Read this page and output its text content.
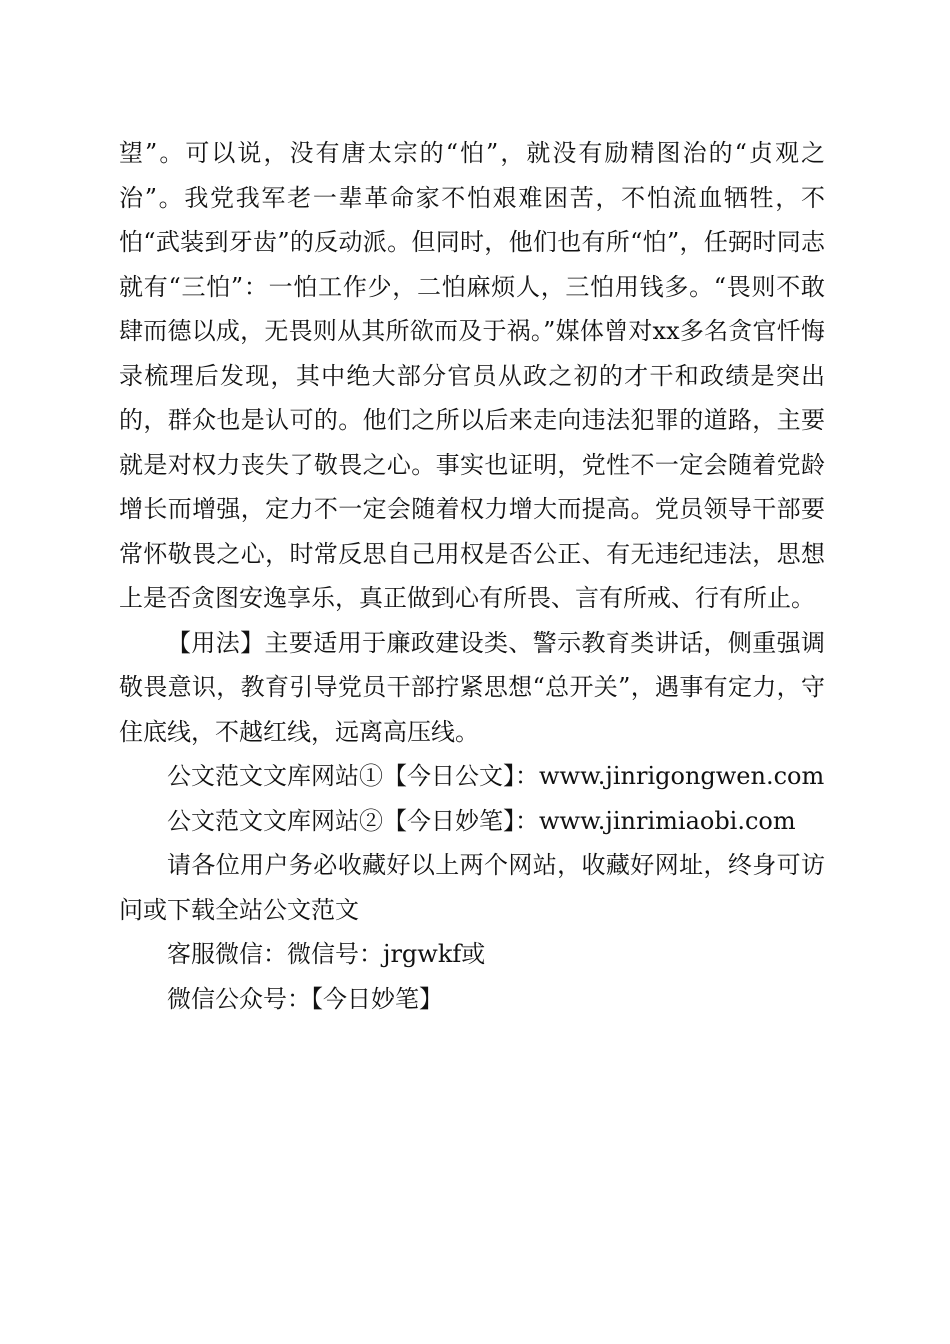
望”。可以说，没有唐太宗的“怕”，就没有励精图治的“贞观之治”。我党我军老一辈革命家不怕艰难困苦，不怕流血牺牲，不怕“武装到牙齿”的反动派。但同时，他们也有所“怕”，任弼时同志就有“三怕”：一怕工作少，二怕麻烦人，三怕用钱多。“畏则不敢肆而德以成，无畏则从其所欲而及于祸。”媒体曾对xx多名贪官忏悔录梳理后发现，其中绝大部分官员从政之初的才干和政绩是突出的，群众也是认可的。他们之所以后来走向违法犯罪的道路，主要就是对权力丧失了敬畏之心。事实也证明，党性不一定会随着党龄增长而增强，定力不一定会随着权力增大而提高。党员领导干部要常怀敬畏之心，时常反思自己用权是否公正、有无违纪违法，思想上是否贪图安逸享乐，真正做到心有所畏、言有所戒、行有所止。

【用法】主要适用于廉政建设类、警示教育类讲话，侧重强调敬畏意识，教育引导党员干部拧紧思想“总开关”，遇事有定力，守住底线，不越红线，远离高压线。

公文范文文库网站①【今日公文】：www.jinrigongwen.com

公文范文文库网站②【今日妙笔】：www.jinrimiaobi.com

请各位用户务必收藏好以上两个网站，收藏好网址，终身可访问或下载全站公文范文

客服微信：微信号：jrgwkf或

微信公众号：【今日妙笔】
